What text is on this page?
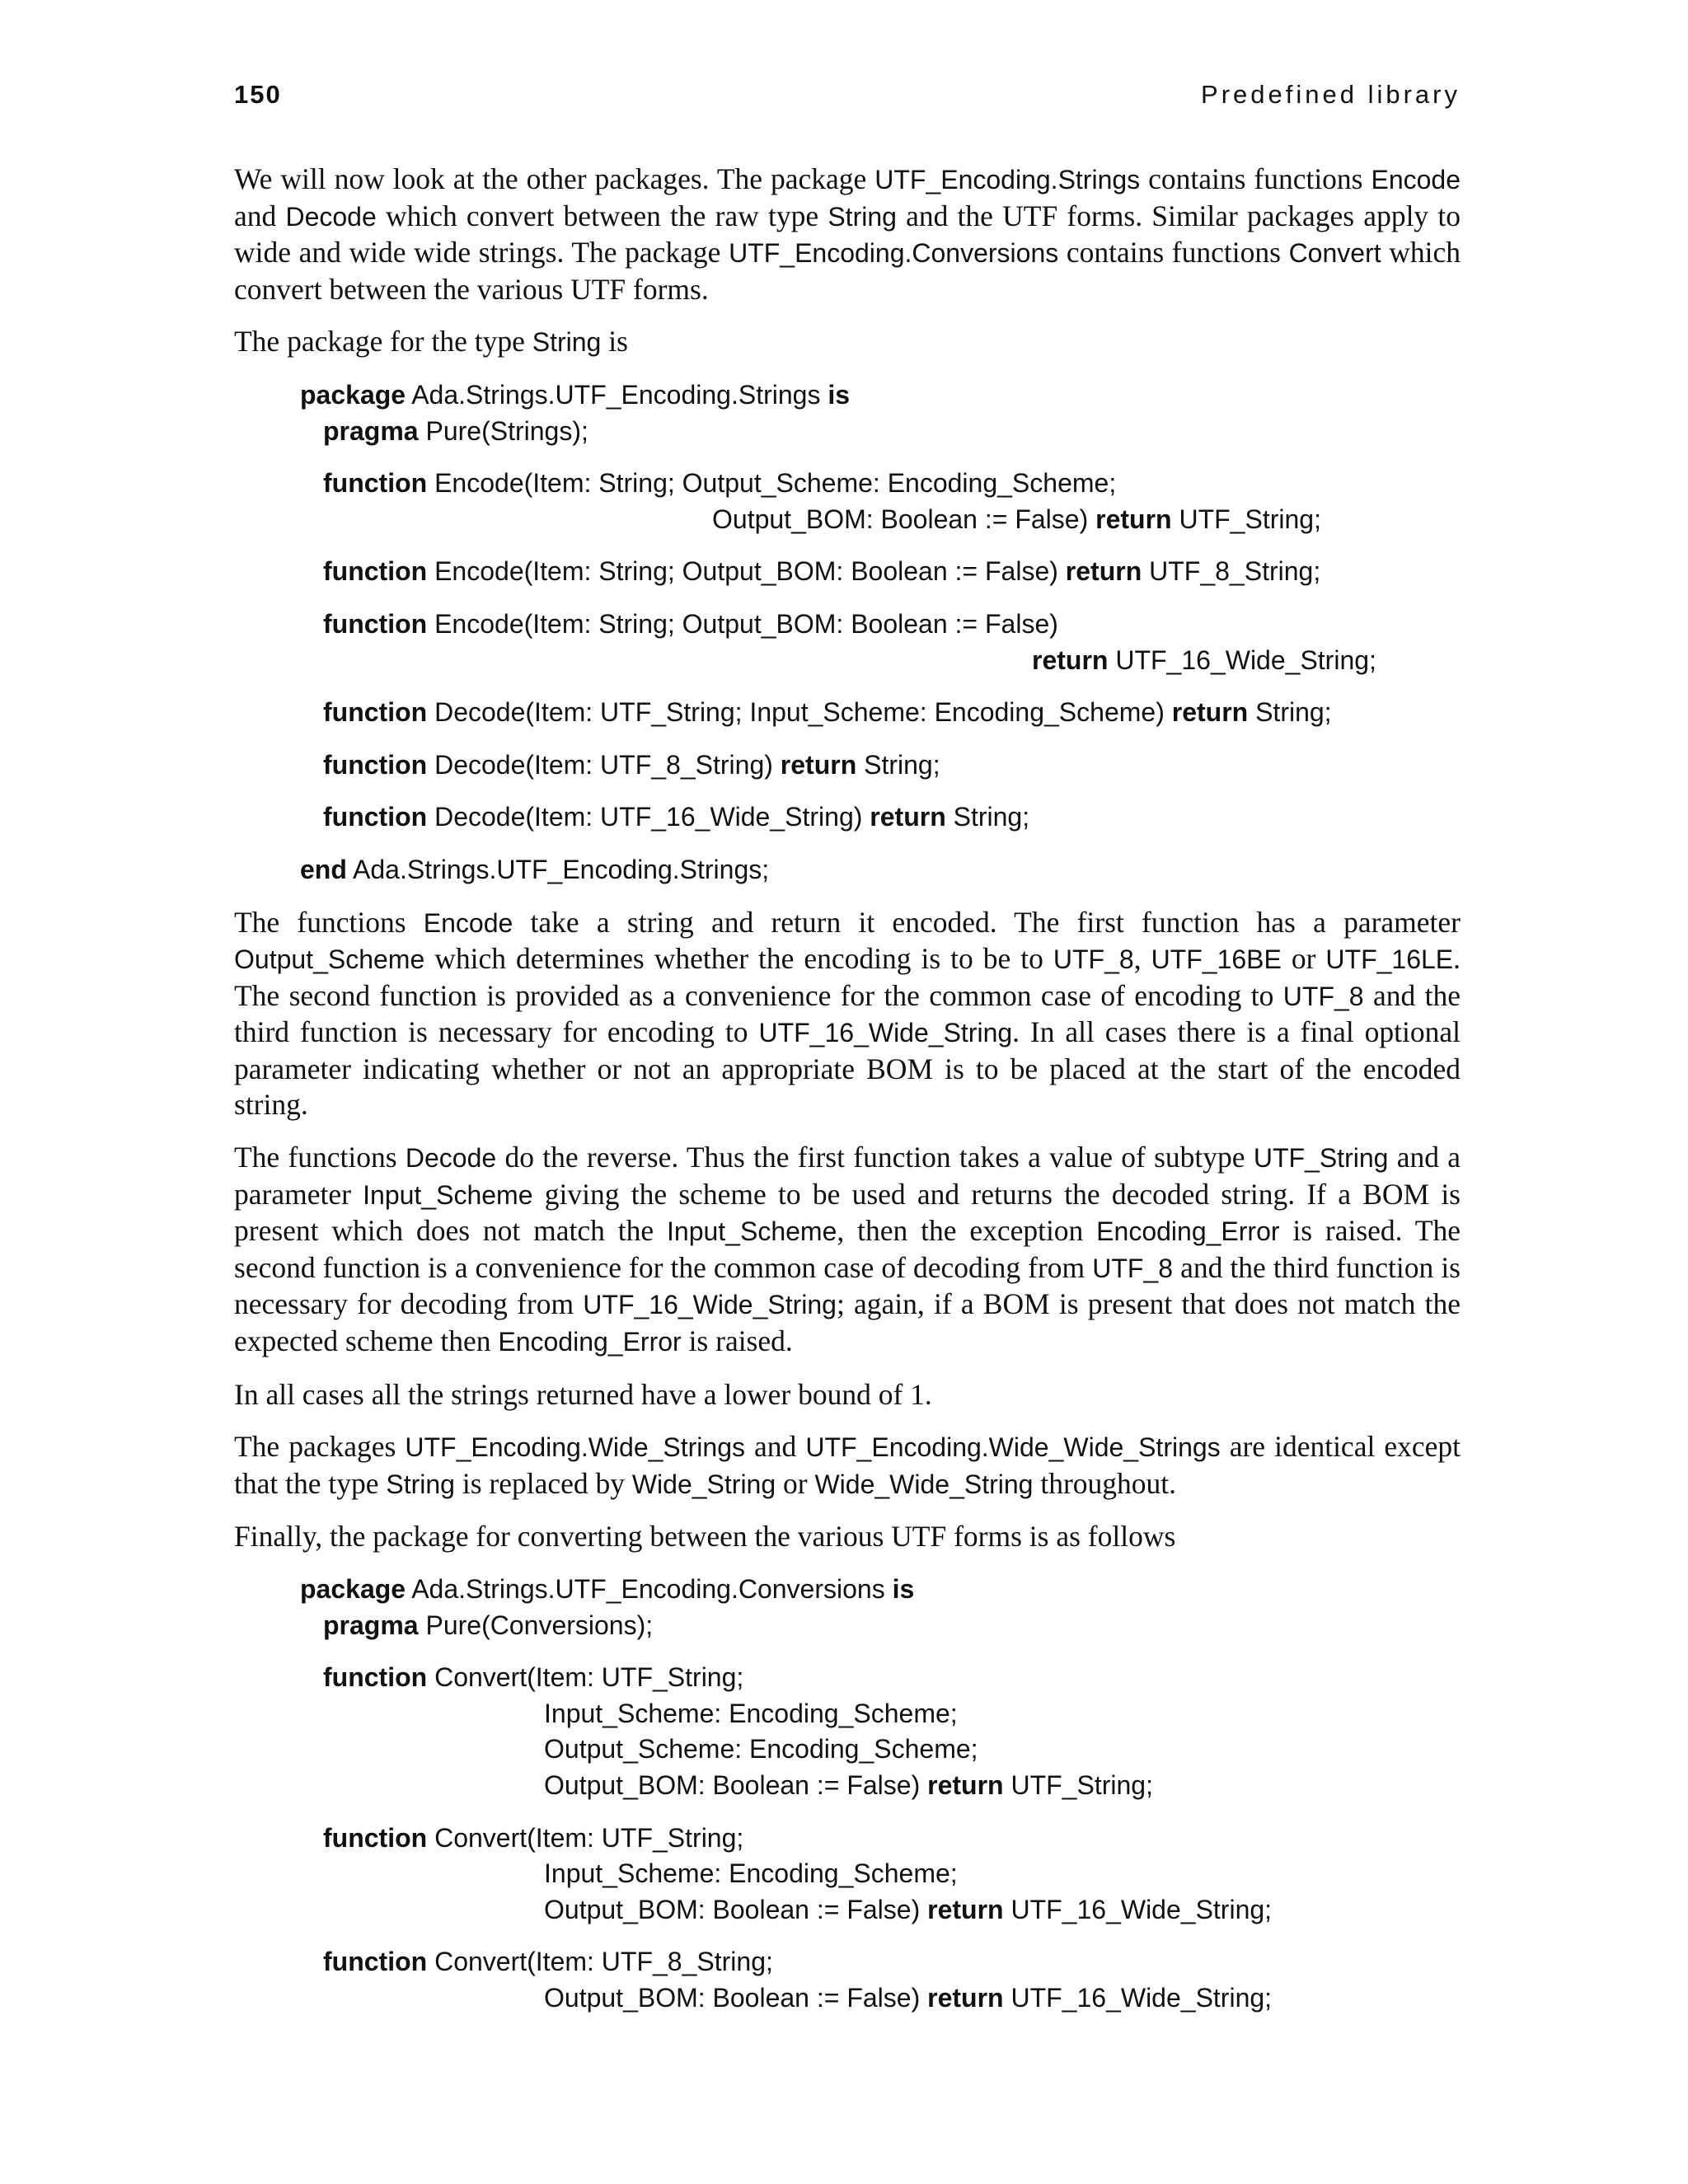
150	Predefined library

We will now look at the other packages. The package UTF_Encoding.Strings contains functions Encode and Decode which convert between the raw type String and the UTF forms. Similar packages apply to wide and wide wide strings. The package UTF_Encoding.Conversions contains functions Convert which convert between the various UTF forms.

The package for the type String is

package Ada.Strings.UTF_Encoding.Strings is
pragma Pure(Strings);
function Encode(Item: String; Output_Scheme: Encoding_Scheme;
Output_BOM: Boolean := False) return UTF_String;
function Encode(Item: String; Output_BOM: Boolean := False) return UTF_8_String;
function Encode(Item: String; Output_BOM: Boolean := False)
return UTF_16_Wide_String;
function Decode(Item: UTF_String; Input_Scheme: Encoding_Scheme) return String;
function Decode(Item: UTF_8_String) return String;
function Decode(Item: UTF_16_Wide_String) return String;
end Ada.Strings.UTF_Encoding.Strings;

The functions Encode take a string and return it encoded. The first function has a parameter Output_Scheme which determines whether the encoding is to be to UTF_8, UTF_16BE or UTF_16LE. The second function is provided as a convenience for the common case of encoding to UTF_8 and the third function is necessary for encoding to UTF_16_Wide_String. In all cases there is a final optional parameter indicating whether or not an appropriate BOM is to be placed at the start of the encoded string.

The functions Decode do the reverse. Thus the first function takes a value of subtype UTF_String and a parameter Input_Scheme giving the scheme to be used and returns the decoded string. If a BOM is present which does not match the Input_Scheme, then the exception Encoding_Error is raised. The second function is a convenience for the common case of decoding from UTF_8 and the third function is necessary for decoding from UTF_16_Wide_String; again, if a BOM is present that does not match the expected scheme then Encoding_Error is raised.

In all cases all the strings returned have a lower bound of 1.

The packages UTF_Encoding.Wide_Strings and UTF_Encoding.Wide_Wide_Strings are identical except that the type String is replaced by Wide_String or Wide_Wide_String throughout.

Finally, the package for converting between the various UTF forms is as follows

package Ada.Strings.UTF_Encoding.Conversions is
pragma Pure(Conversions);
function Convert(Item: UTF_String;
Input_Scheme: Encoding_Scheme;
Output_Scheme: Encoding_Scheme;
Output_BOM: Boolean := False) return UTF_String;
function Convert(Item: UTF_String;
Input_Scheme: Encoding_Scheme;
Output_BOM: Boolean := False) return UTF_16_Wide_String;
function Convert(Item: UTF_8_String;
Output_BOM: Boolean := False) return UTF_16_Wide_String;
